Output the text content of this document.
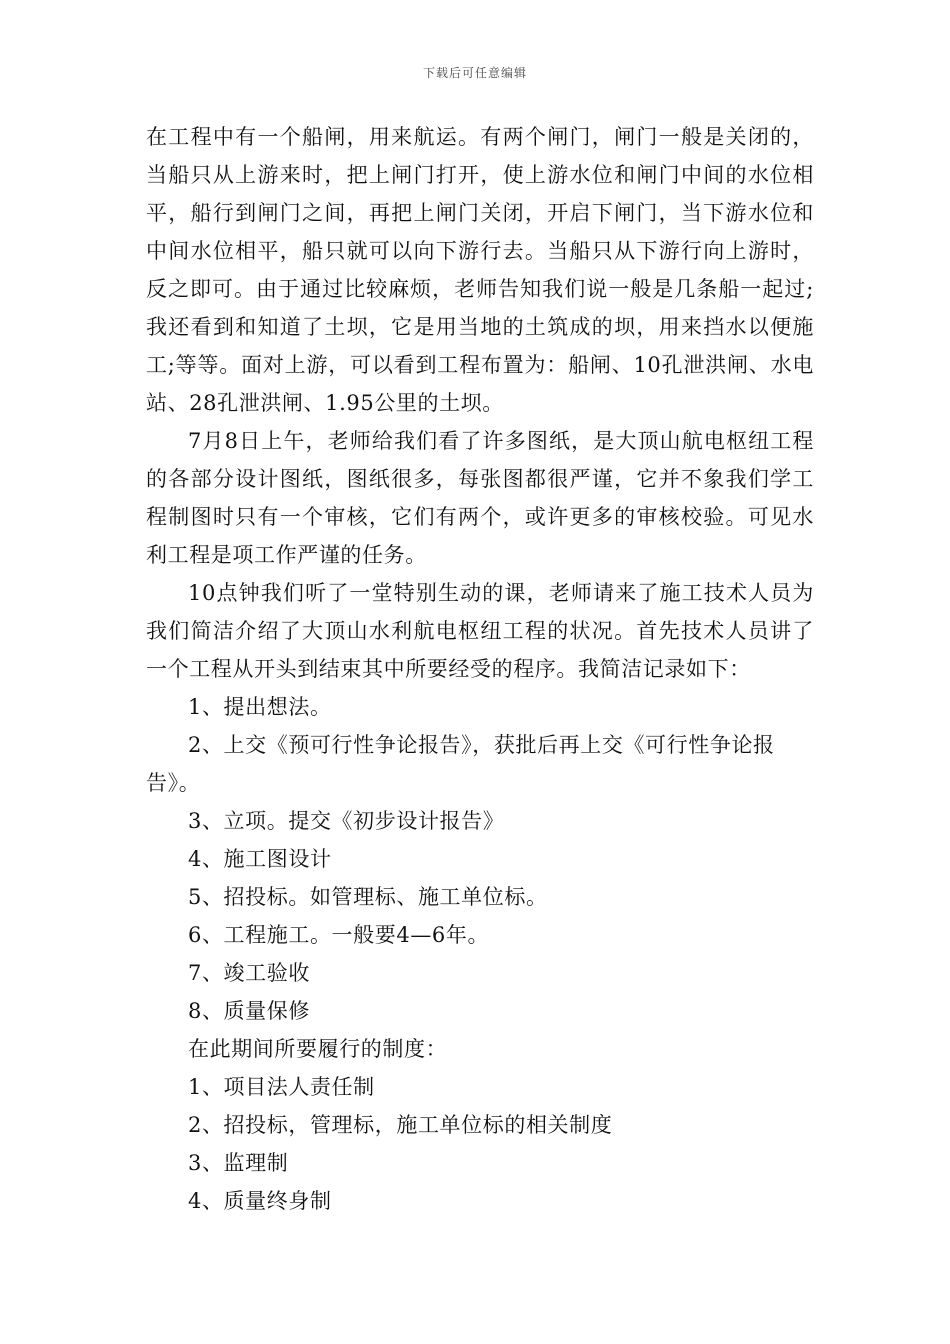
下载后可任意编辑

在工程中有一个船闸，用来航运。有两个闸门，闸门一般是关闭的，当船只从上游来时，把上闸门打开，使上游水位和闸门中间的水位相平，船行到闸门之间，再把上闸门关闭，开启下闸门，当下游水位和中间水位相平，船只就可以向下游行去。当船只从下游行向上游时，反之即可。由于通过比较麻烦，老师告知我们说一般是几条船一起过;我还看到和知道了土坝，它是用当地的土筑成的坝，用来挡水以便施工;等等。面对上游，可以看到工程布置为：船闸、10孔泄洪闸、水电站、28孔泄洪闸、1.95公里的土坝。

7月8日上午，老师给我们看了许多图纸，是大顶山航电枢纽工程的各部分设计图纸，图纸很多，每张图都很严谨，它并不象我们学工程制图时只有一个审核，它们有两个，或许更多的审核校验。可见水利工程是项工作严谨的任务。

10点钟我们听了一堂特别生动的课，老师请来了施工技术人员为我们简洁介绍了大顶山水利航电枢纽工程的状况。首先技术人员讲了一个工程从开头到结束其中所要经受的程序。我简洁记录如下：

1、提出想法。

2、上交《预可行性争论报告》，获批后再上交《可行性争论报告》。

3、立项。提交《初步设计报告》

4、施工图设计

5、招投标。如管理标、施工单位标。

6、工程施工。一般要4—6年。

7、竣工验收

8、质量保修

在此期间所要履行的制度：

1、项目法人责任制

2、招投标，管理标，施工单位标的相关制度

3、监理制

4、质量终身制
